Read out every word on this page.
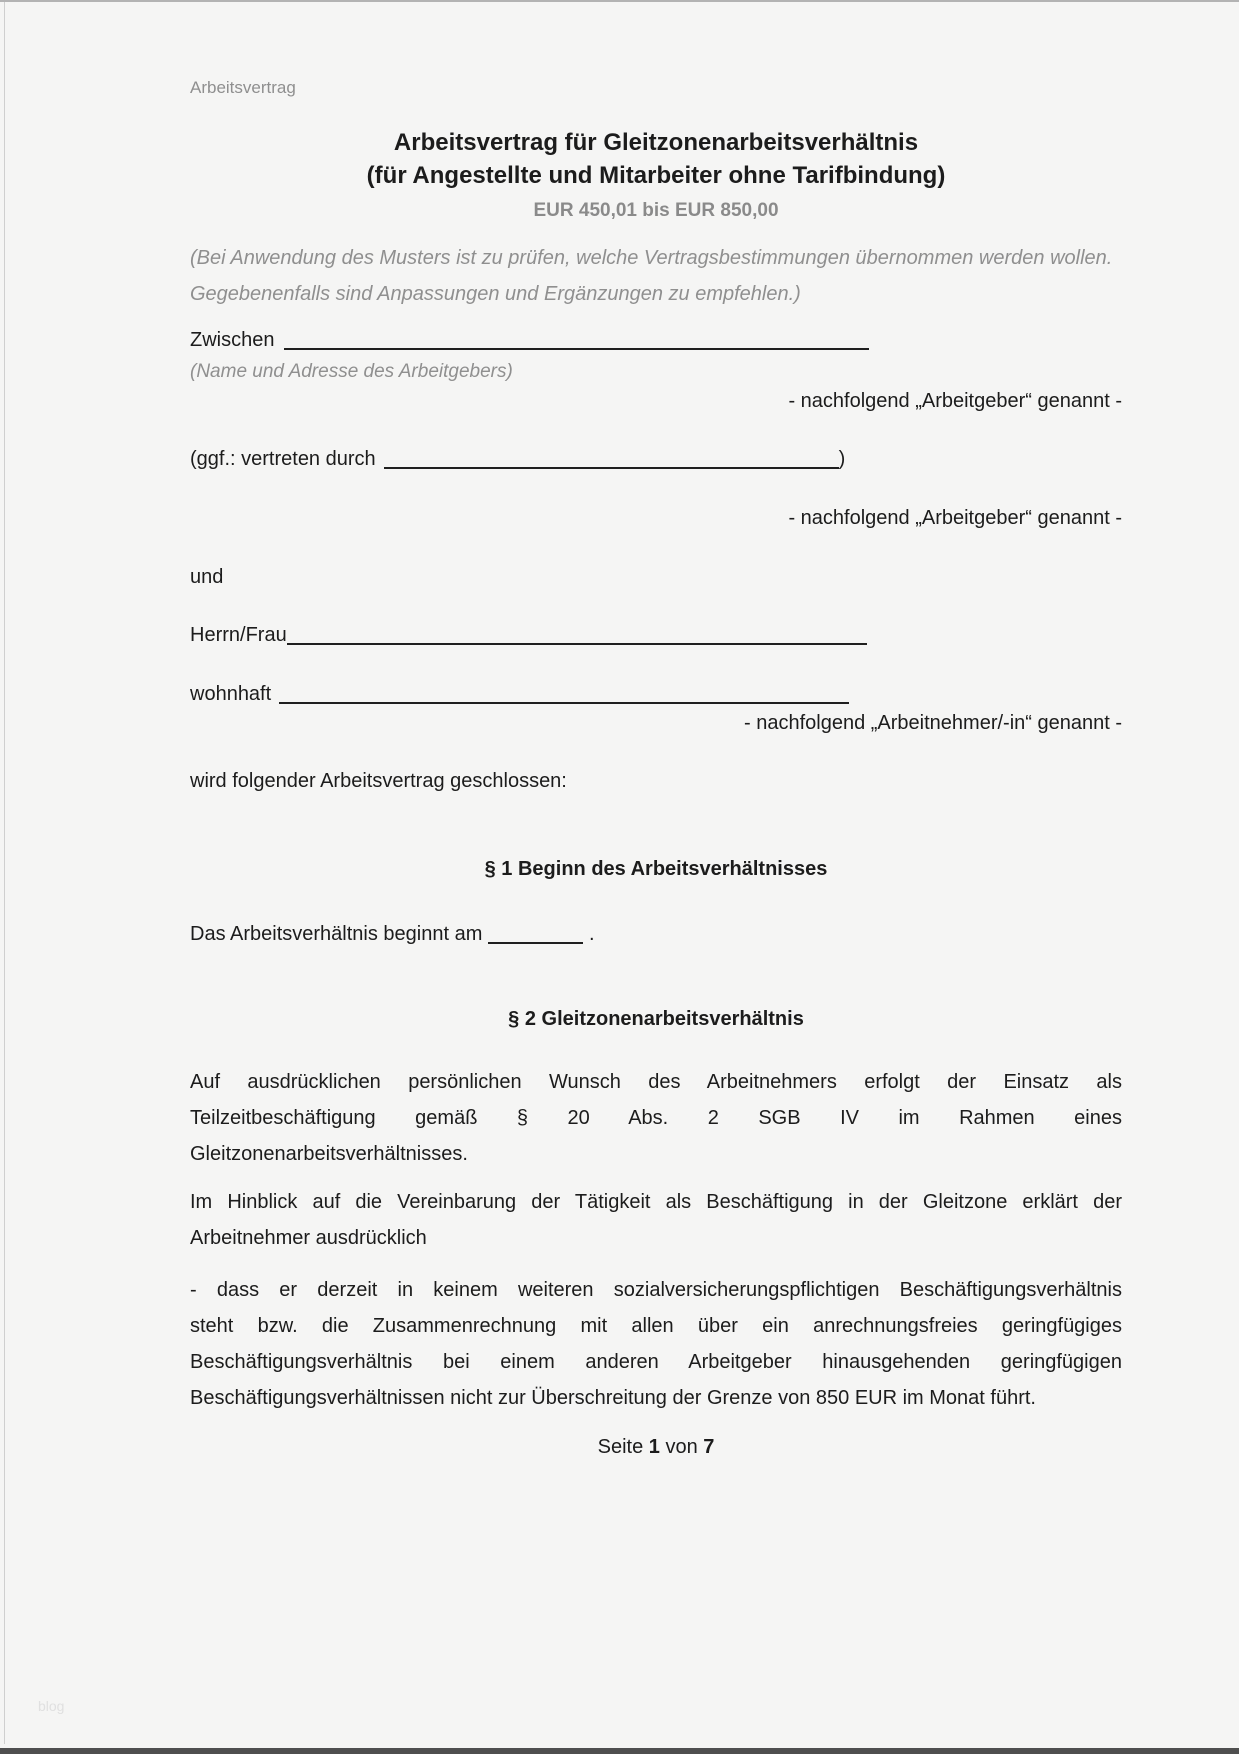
Arbeitsvertrag
Arbeitsvertrag für Gleitzonenarbeitsverhältnis
(für Angestellte und Mitarbeiter ohne Tarifbindung)
EUR 450,01 bis EUR 850,00
(Bei Anwendung des Musters ist zu prüfen, welche Vertragsbestimmungen übernommen werden wollen. Gegebenenfalls sind Anpassungen und Ergänzungen zu empfehlen.)
Zwischen
(Name und Adresse des Arbeitgebers)
- nachfolgend „Arbeitgeber“ genannt -
(ggf.: vertreten durch	)
- nachfolgend „Arbeitgeber“ genannt -
und
Herrn/Frau
wohnhaft
- nachfolgend „Arbeitnehmer/-in“ genannt -
wird folgender Arbeitsvertrag geschlossen:
§ 1 Beginn des Arbeitsverhältnisses
Das Arbeitsverhältnis beginnt am	.
§ 2 Gleitzonenarbeitsverhältnis
Auf ausdrücklichen persönlichen Wunsch des Arbeitnehmers erfolgt der Einsatz als
Teilzeitbeschäftigung gemäß § 20 Abs. 2 SGB IV im Rahmen eines
Gleitzonenarbeitsverhältnisses.
Im Hinblick auf die Vereinbarung der Tätigkeit als Beschäftigung in der Gleitzone erklärt der
Arbeitnehmer ausdrücklich
- dass er derzeit in keinem weiteren sozialversicherungspflichtigen Beschäftigungsverhältnis
steht bzw. die Zusammenrechnung mit allen über ein anrechnungsfreies geringfügiges
Beschäftigungsverhältnis bei einem anderen Arbeitgeber hinausgehenden geringfügigen
Beschäftigungsverhältnissen nicht zur Überschreitung der Grenze von 850 EUR im Monat führt.
Seite 1 von 7
blog
